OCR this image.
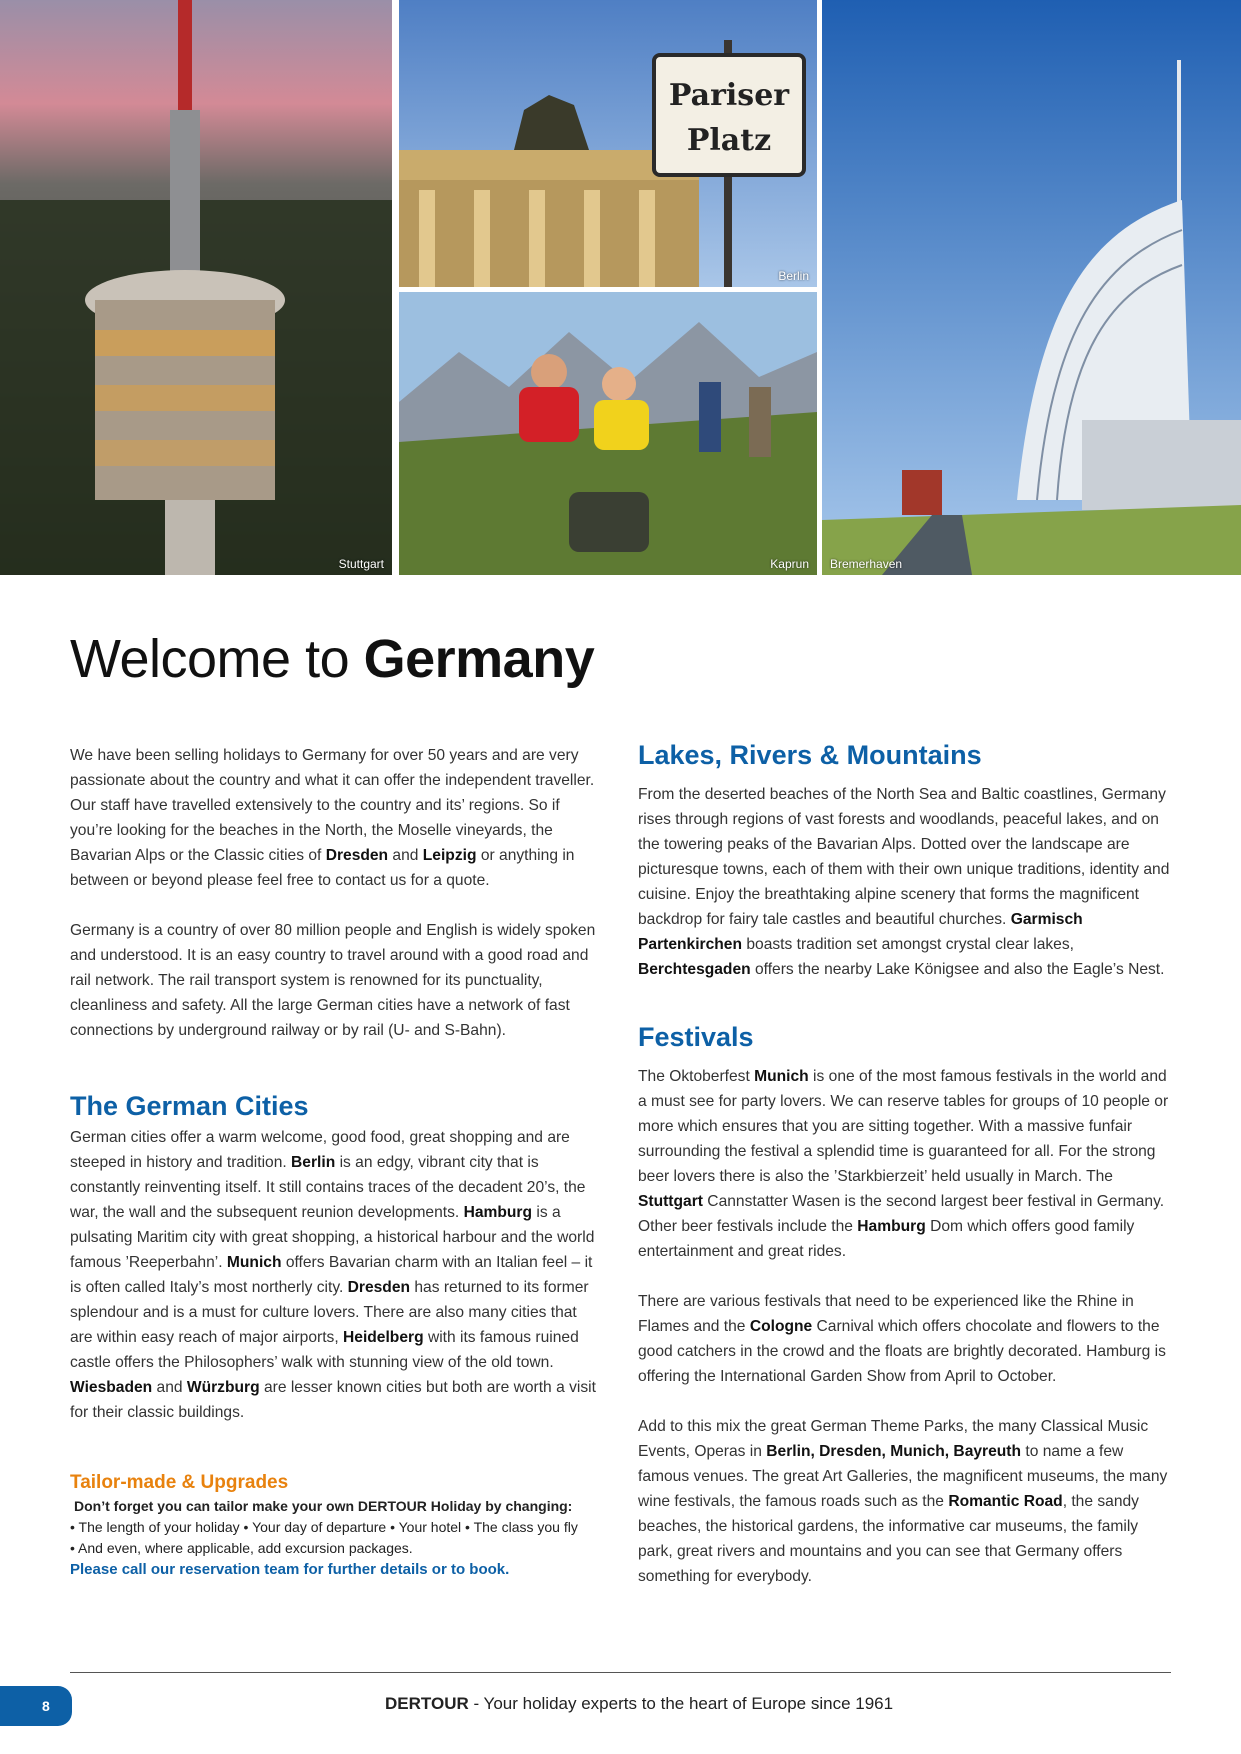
Stuttgart
Pariser
Platz
Berlin
Kaprun Bremerhaven
Welcome to Germany

We have been selling holidays to Germany for over 50 years and are very passionate about the country and what it can offer the independent traveller. Our staff have travelled extensively to the country and its’ regions. So if you’re looking for the beaches in the North, the Moselle vineyards, the Bavarian Alps or the Classic cities of Dresden and Leipzig or anything in between or beyond please feel free to contact us for a quote.

Germany is a country of over 80 million people and English is widely spoken and understood. It is an easy country to travel around with a good road and rail network. The rail transport system is renowned for its punctuality, cleanliness and safety. All the large German cities have a network of fast connections by underground railway or by rail (U- and S-Bahn).

The German Cities

German cities offer a warm welcome, good food, great shopping and are steeped in history and tradition. Berlin is an edgy, vibrant city that is constantly reinventing itself. It still contains traces of the decadent 20’s, the war, the wall and the subsequent reunion developments. Hamburg is a pulsating Maritim city with great shopping, a historical harbour and the world famous ’Reeperbahn’. Munich offers Bavarian charm with an Italian feel – it is often called Italy’s most northerly city. Dresden has returned to its former splendour and is a must for culture lovers. There are also many cities that are within easy reach of major airports, Heidelberg with its famous ruined castle offers the Philosophers’ walk with stunning view of the old town. Wiesbaden and Würzburg are lesser known cities but both are worth a visit for their classic buildings.

Tailor-made & Upgrades
Don’t forget you can tailor make your own DERTOUR Holiday by changing:
• The length of your holiday • Your day of departure • Your hotel • The class you fly
• And even, where applicable, add excursion packages.
Please call our reservation team for further details or to book.
Lakes, Rivers & Mountains

From the deserted beaches of the North Sea and Baltic coastlines, Germany rises through regions of vast forests and woodlands, peaceful lakes, and on the towering peaks of the Bavarian Alps. Dotted over the landscape are picturesque towns, each of them with their own unique traditions, identity and cuisine. Enjoy the breathtaking alpine scenery that forms the magnificent backdrop for fairy tale castles and beautiful churches. Garmisch Partenkirchen boasts tradition set amongst crystal clear lakes, Berchtesgaden offers the nearby Lake Königsee and also the Eagle’s Nest.

Festivals

The Oktoberfest Munich is one of the most famous festivals in the world and a must see for party lovers. We can reserve tables for groups of 10 people or more which ensures that you are sitting together. With a massive funfair surrounding the festival a splendid time is guaranteed for all. For the strong beer lovers there is also the ’Starkbierzeit’ held usually in March. The Stuttgart Cannstatter Wasen is the second largest beer festival in Germany. Other beer festivals include the Hamburg Dom which offers good family entertainment and great rides.

There are various festivals that need to be experienced like the Rhine in Flames and the Cologne Carnival which offers chocolate and flowers to the good catchers in the crowd and the floats are brightly decorated. Hamburg is offering the International Garden Show from April to October.

Add to this mix the great German Theme Parks, the many Classical Music Events, Operas in Berlin, Dresden, Munich, Bayreuth to name a few famous venues. The great Art Galleries, the magnificent museums, the many wine festivals, the famous roads such as the Romantic Road, the sandy beaches, the historical gardens, the informative car museums, the family park, great rivers and mountains and you can see that Germany offers something for everybody.

8	DERTOUR - Your holiday experts to the heart of Europe since 1961
